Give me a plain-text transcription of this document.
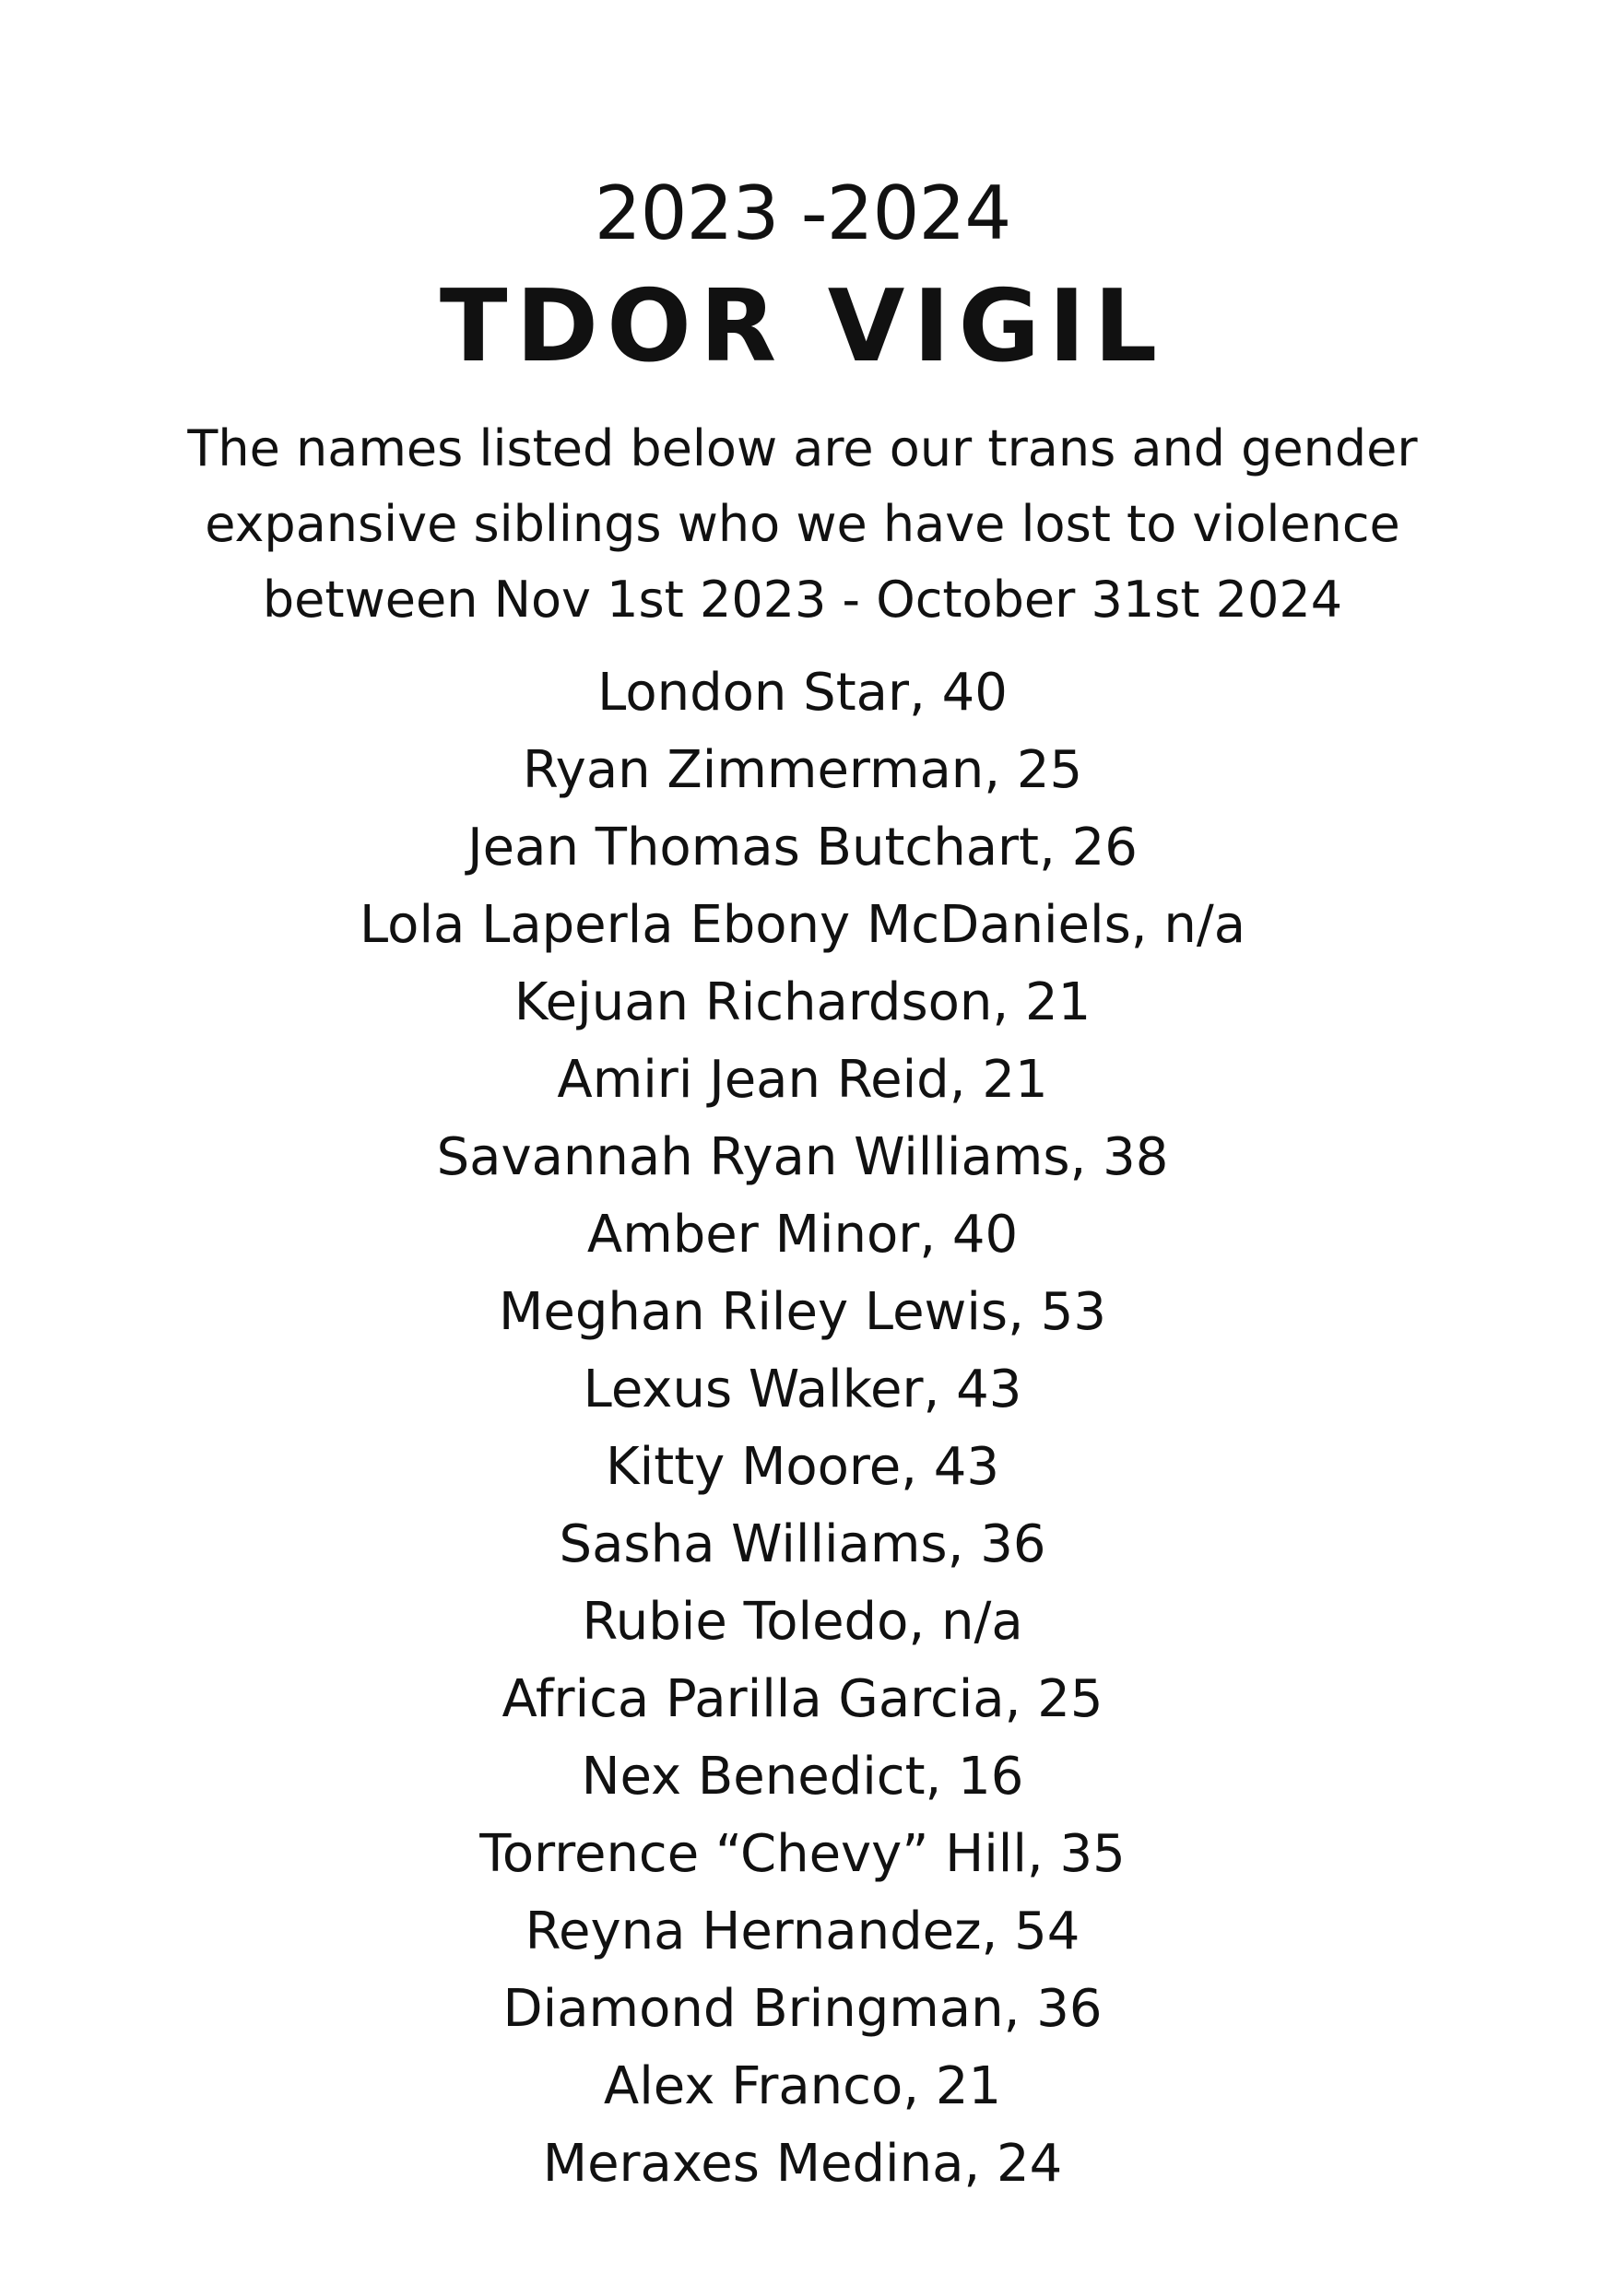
2023 -2024
TDOR VIGIL
The names listed below are our trans and gender
expansive siblings who we have lost to violence
between Nov 1st 2023 - October 31st 2024
London Star, 40
Ryan Zimmerman, 25
Jean Thomas Butchart, 26
Lola Laperla Ebony McDaniels, n/a
Kejuan Richardson, 21
Amiri Jean Reid, 21
Savannah Ryan Williams, 38
Amber Minor, 40
Meghan Riley Lewis, 53
Lexus Walker, 43
Kitty Moore, 43
Sasha Williams, 36
Rubie Toledo, n/a
Africa Parilla Garcia, 25
Nex Benedict, 16
Torrence “Chevy” Hill, 35
Reyna Hernandez, 54
Diamond Bringman, 36
Alex Franco, 21
Meraxes Medina, 24
